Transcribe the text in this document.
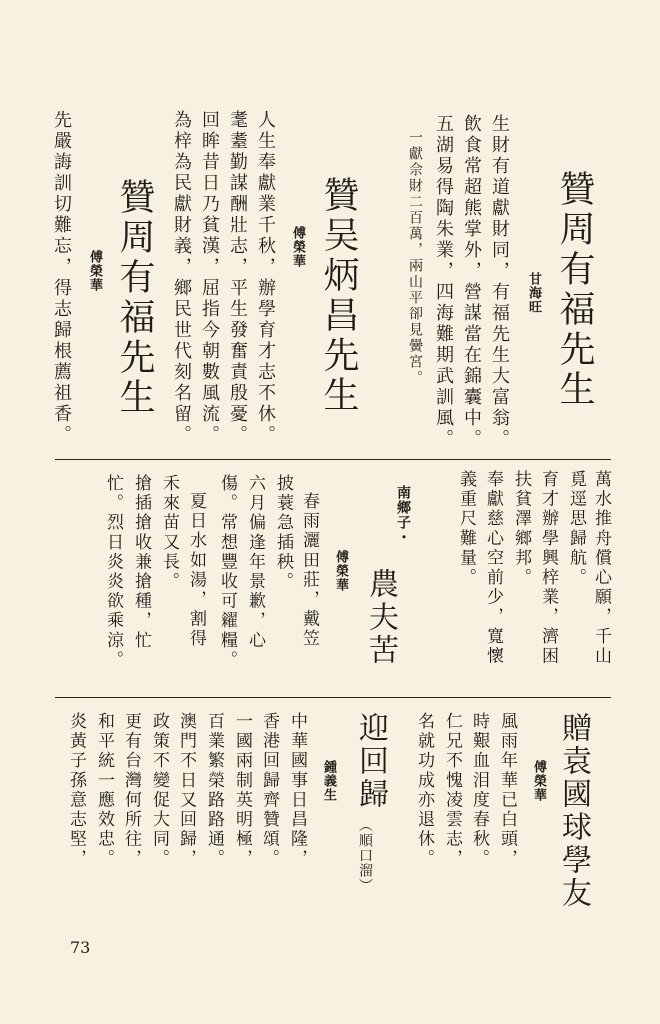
贊周有福先生
甘海旺
生財有道獻財同，有福先生大富翁。
飲食常超熊掌外，營謀當在錦囊中。
五湖易得陶朱業，四海難期武訓風。
一獻佘財二百萬，兩山平卻見黌宮。
贊吴炳昌先生
傅榮華
人生奉獻業千秋，辦學育才志不休。
耄耋勤謀酬壯志，平生發奮責殷憂。
回眸昔日乃貧漢，屈指今朝數風流。
為梓為民獻財義，鄉民世代刻名留。
贊周有福先生
傅榮華
先嚴誨訓切難忘，得志歸根薦祖香。
萬水推舟償心願，千山
覓逕思歸航。
育才辦學興梓業，濟困
扶貧澤鄉邦。
奉獻慈心空前少，寬懷
義重尺難量。
南鄉子・
農夫苦
傅榮華
春雨灑田莊，戴笠
披蓑急插秧。
六月偏逢年景歉，心
傷。常想豐收可糴糧。
夏日水如湯，割得
禾來苗又長。
搶插搶收兼搶種，忙
忙。烈日炎炎欲乘涼。
贈袁國球學友
傅榮華
風雨年華已白頭，
時艱血泪度春秋。
仁兄不愧凌雲志，
名就功成亦退休。
迎回歸
（順口溜）
鍾義生
中華國事日昌隆，
香港回歸齊贊頌。
一國兩制英明極，
百業繁榮路路通。
澳門不日又回歸，
政策不變促大同。
更有台灣何所往，
和平統一應效忠。
炎黃子孫意志堅，
73
